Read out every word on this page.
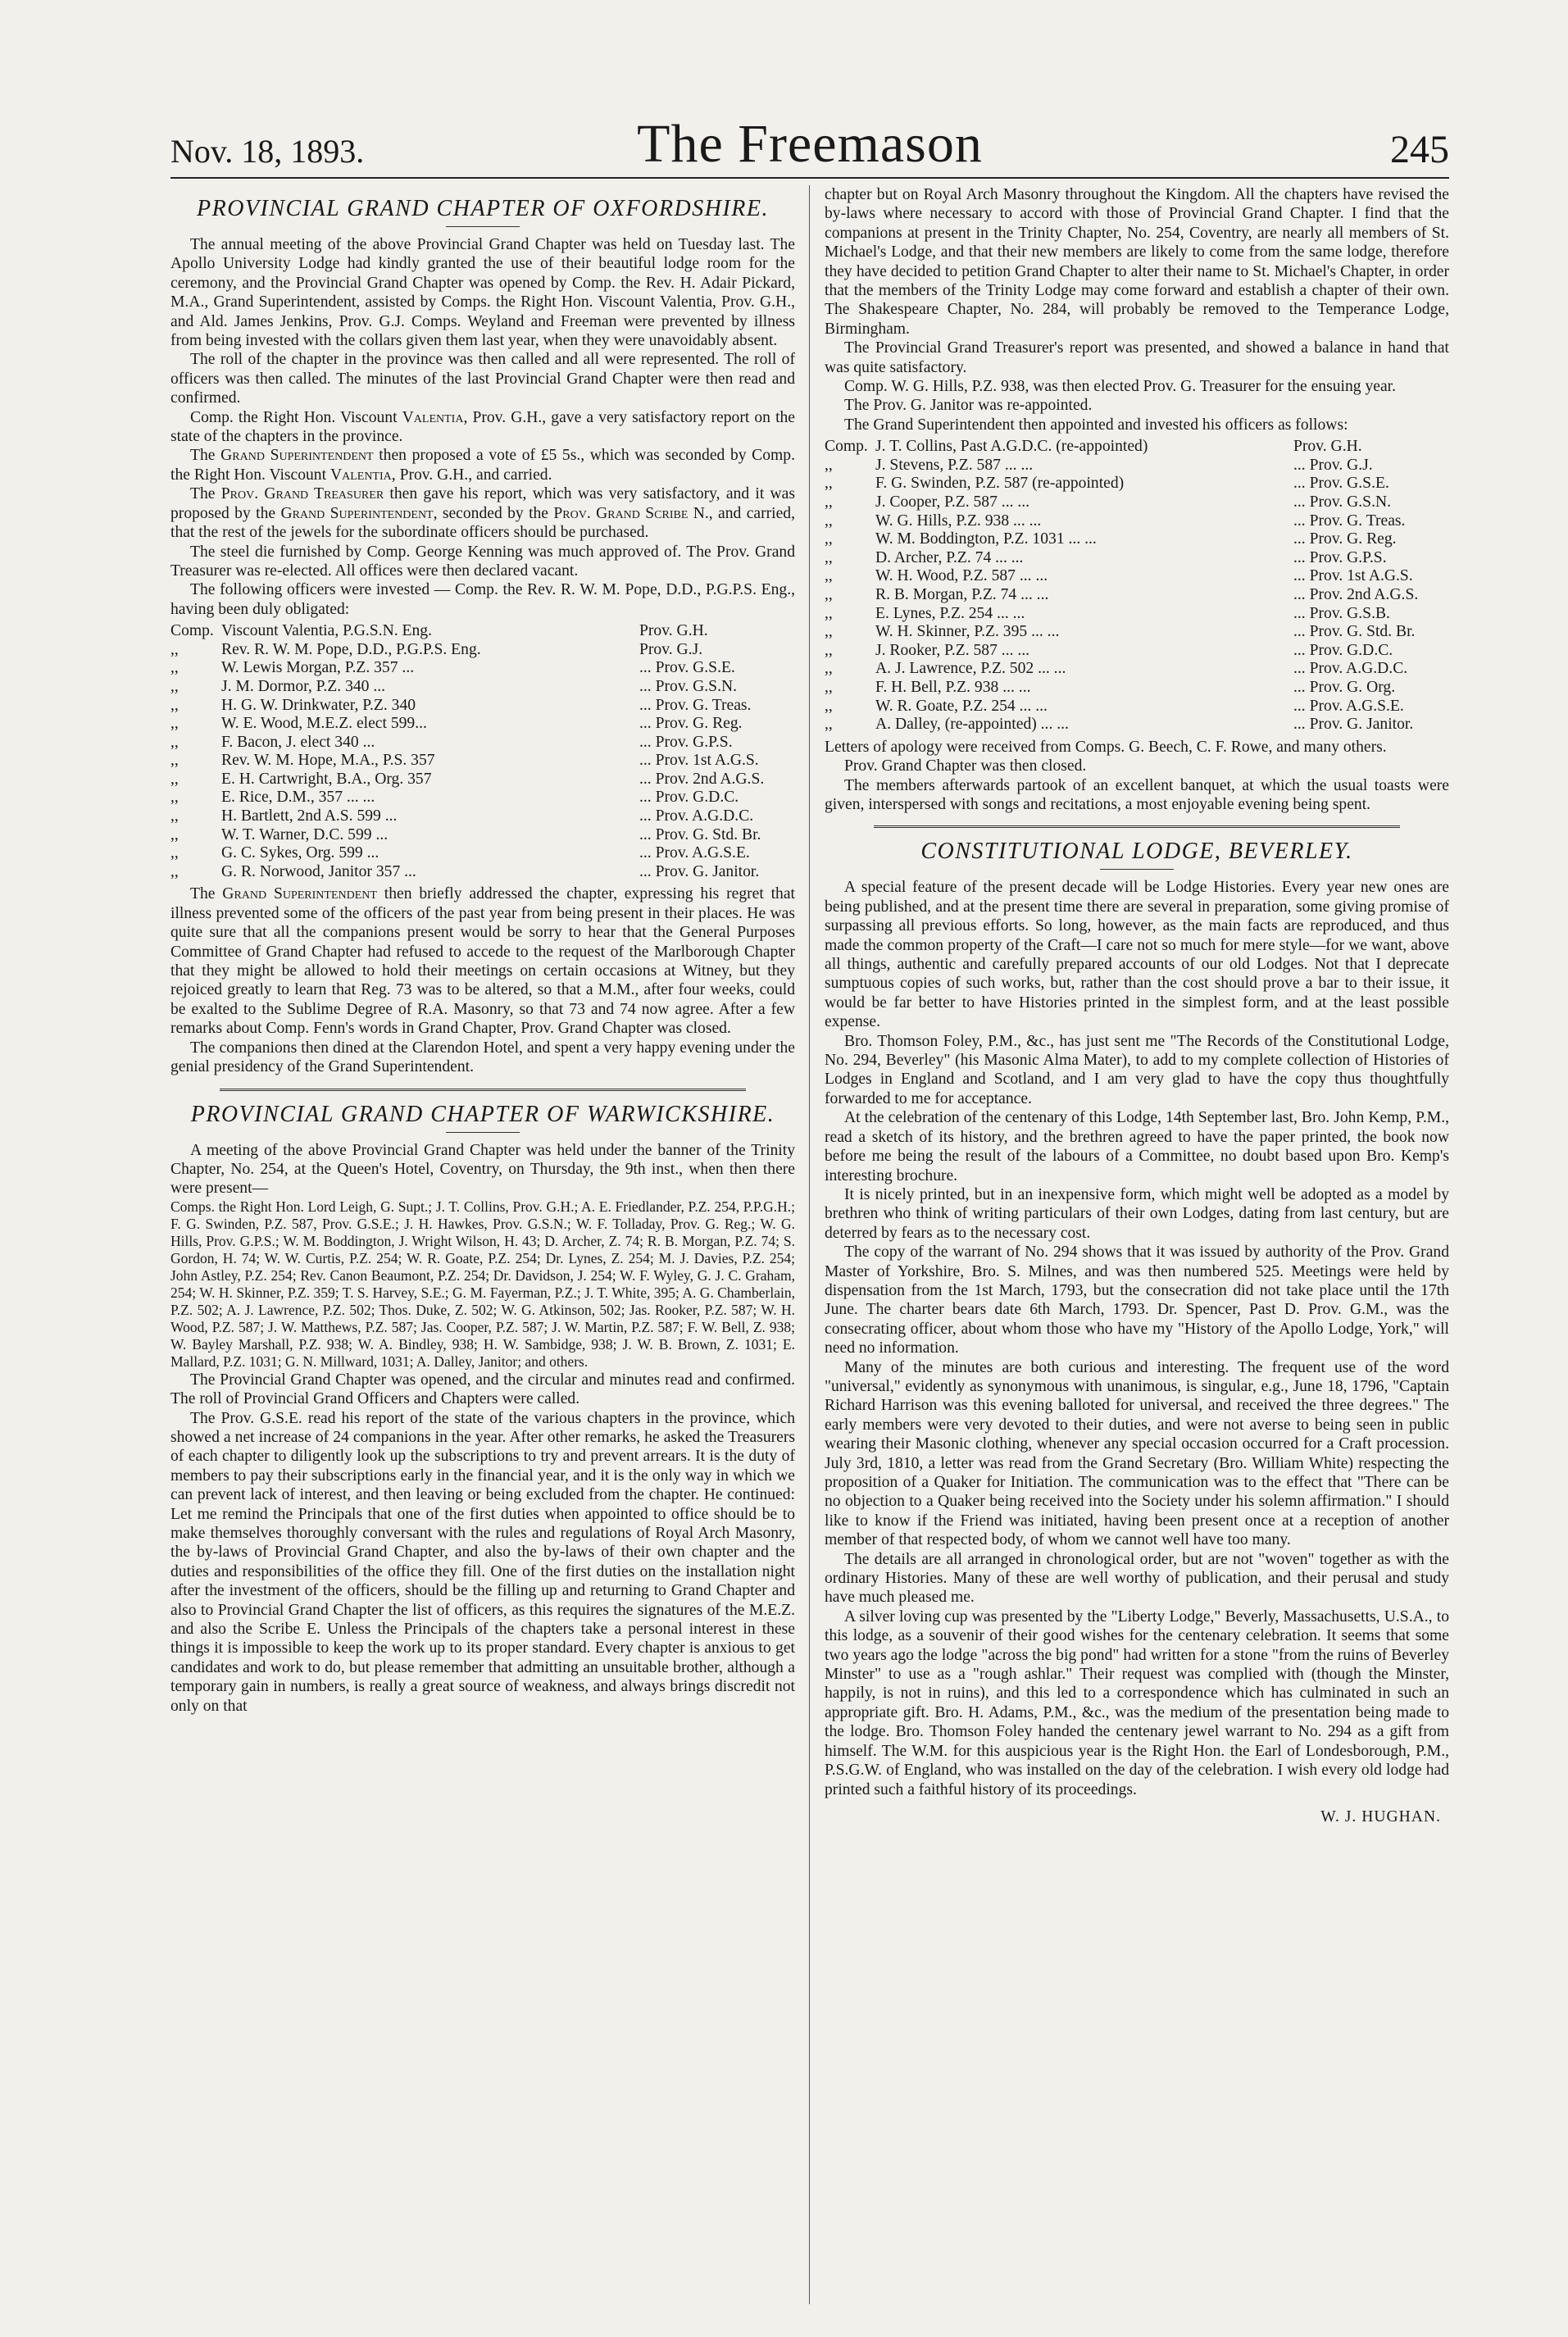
Nov. 18, 1893.	The Freemason	245
PROVINCIAL GRAND CHAPTER OF OXFORDSHIRE.

The annual meeting of the above Provincial Grand Chapter was held on Tuesday last. The Apollo University Lodge had kindly granted the use of their beautiful lodge room for the ceremony, and the Provincial Grand Chapter was opened by Comp. the Rev. H. Adair Pickard, M.A., Grand Superintendent, assisted by Comps. the Right Hon. Viscount Valentia, Prov. G.H., and Ald. James Jenkins, Prov. G.J. Comps. Weyland and Freeman were prevented by illness from being invested with the collars given them last year, when they were unavoidably absent.

The roll of the chapter in the province was then called and all were represented. The roll of officers was then called. The minutes of the last Provincial Grand Chapter were then read and confirmed.

Comp. the Right Hon. Viscount Valentia, Prov. G.H., gave a very satisfactory report on the state of the chapters in the province.

The Grand Superintendent then proposed a vote of £5 5s., which was seconded by Comp. the Right Hon. Viscount Valentia, Prov. G.H., and carried.

The Prov. Grand Treasurer then gave his report, which was very satisfactory, and it was proposed by the Grand Superintendent, seconded by the Prov. Grand Scribe N., and carried, that the rest of the jewels for the subordinate officers should be purchased.

The steel die furnished by Comp. George Kenning was much approved of. The Prov. Grand Treasurer was re-elected. All offices were then declared vacant.

The following officers were invested — Comp. the Rev. R. W. M. Pope, D.D., P.G.P.S. Eng., having been duly obligated:

Comp. Viscount Valentia, P.G.S.N. Eng.	Prov. G.H.
,,	Rev. R. W. M. Pope, D.D., P.G.P.S. Eng.	Prov. G.J.
,,	W. Lewis Morgan, P.Z. 357 ...	... Prov. G.S.E.
,,	J. M. Dormor, P.Z. 340 ...	... Prov. G.S.N.
,,	H. G. W. Drinkwater, P.Z. 340	... Prov. G. Treas.
,,	W. E. Wood, M.E.Z. elect 599...	... Prov. G. Reg.
,,	F. Bacon, J. elect 340 ...	... Prov. G.P.S.
,,	Rev. W. M. Hope, M.A., P.S. 357	... Prov. 1st A.G.S.
,,	E. H. Cartwright, B.A., Org. 357	... Prov. 2nd A.G.S.
,,	E. Rice, D.M., 357 ... ...	... Prov. G.D.C.
,,	H. Bartlett, 2nd A.S. 599 ...	... Prov. A.G.D.C.
,,	W. T. Warner, D.C. 599 ...	... Prov. G. Std. Br.
,,	G. C. Sykes, Org. 599 ...	... Prov. A.G.S.E.
,,	G. R. Norwood, Janitor 357 ...	... Prov. G. Janitor.

The Grand Superintendent then briefly addressed the chapter, expressing his regret that illness prevented some of the officers of the past year from being present in their places. He was quite sure that all the companions present would be sorry to hear that the General Purposes Committee of Grand Chapter had refused to accede to the request of the Marlborough Chapter that they might be allowed to hold their meetings on certain occasions at Witney, but they rejoiced greatly to learn that Reg. 73 was to be altered, so that a M.M., after four weeks, could be exalted to the Sublime Degree of R.A. Masonry, so that 73 and 74 now agree. After a few remarks about Comp. Fenn's words in Grand Chapter, Prov. Grand Chapter was closed.

The companions then dined at the Clarendon Hotel, and spent a very happy evening under the genial presidency of the Grand Superintendent.

PROVINCIAL GRAND CHAPTER OF WARWICKSHIRE.

A meeting of the above Provincial Grand Chapter was held under the banner of the Trinity Chapter, No. 254, at the Queen's Hotel, Coventry, on Thursday, the 9th inst., when then there were present—

Comps. the Right Hon. Lord Leigh, G. Supt.; J. T. Collins, Prov. G.H.; A. E. Friedlander, P.Z. 254, P.P.G.H.; F. G. Swinden, P.Z. 587, Prov. G.S.E.; J. H. Hawkes, Prov. G.S.N.; W. F. Tolladay, Prov. G. Reg.; W. G. Hills, Prov. G.P.S.; W. M. Boddington, J. Wright Wilson, H. 43; D. Archer, Z. 74; R. B. Morgan, P.Z. 74; S. Gordon, H. 74; W. W. Curtis, P.Z. 254; W. R. Goate, P.Z. 254; Dr. Lynes, Z. 254; M. J. Davies, P.Z. 254; John Astley, P.Z. 254; Rev. Canon Beaumont, P.Z. 254; Dr. Davidson, J. 254; W. F. Wyley, G. J. C. Graham, 254; W. H. Skinner, P.Z. 359; T. S. Harvey, S.E.; G. M. Fayerman, P.Z.; J. T. White, 395; A. G. Chamberlain, P.Z. 502; A. J. Lawrence, P.Z. 502; Thos. Duke, Z. 502; W. G. Atkinson, 502; Jas. Rooker, P.Z. 587; W. H. Wood, P.Z. 587; J. W. Matthews, P.Z. 587; Jas. Cooper, P.Z. 587; J. W. Martin, P.Z. 587; F. W. Bell, Z. 938; W. Bayley Marshall, P.Z. 938; W. A. Bindley, 938; H. W. Sambidge, 938; J. W. B. Brown, Z. 1031; E. Mallard, P.Z. 1031; G. N. Millward, 1031; A. Dalley, Janitor; and others.

The Provincial Grand Chapter was opened, and the circular and minutes read and confirmed. The roll of Provincial Grand Officers and Chapters were called.

The Prov. G.S.E. read his report of the state of the various chapters in the province, which showed a net increase of 24 companions in the year. After other remarks, he asked the Treasurers of each chapter to diligently look up the subscriptions to try and prevent arrears. It is the duty of members to pay their subscriptions early in the financial year, and it is the only way in which we can prevent lack of interest, and then leaving or being excluded from the chapter. He continued: Let me remind the Principals that one of the first duties when appointed to office should be to make themselves thoroughly conversant with the rules and regulations of Royal Arch Masonry, the by-laws of Provincial Grand Chapter, and also the by-laws of their own chapter and the duties and responsibilities of the office they fill. One of the first duties on the installation night after the investment of the officers, should be the filling up and returning to Grand Chapter and also to Provincial Grand Chapter the list of officers, as this requires the signatures of the M.E.Z. and also the Scribe E. Unless the Principals of the chapters take a personal interest in these things it is impossible to keep the work up to its proper standard. Every chapter is anxious to get candidates and work to do, but please remember that admitting an unsuitable brother, although a temporary gain in numbers, is really a great source of weakness, and always brings discredit not only on that

chapter but on Royal Arch Masonry throughout the Kingdom. All the chapters have revised the by-laws where necessary to accord with those of Provincial Grand Chapter. I find that the companions at present in the Trinity Chapter, No. 254, Coventry, are nearly all members of St. Michael's Lodge, and that their new members are likely to come from the same lodge, therefore they have decided to petition Grand Chapter to alter their name to St. Michael's Chapter, in order that the members of the Trinity Lodge may come forward and establish a chapter of their own. The Shakespeare Chapter, No. 284, will probably be removed to the Temperance Lodge, Birmingham.

The Provincial Grand Treasurer's report was presented, and showed a balance in hand that was quite satisfactory.

Comp. W. G. Hills, P.Z. 938, was then elected Prov. G. Treasurer for the ensuing year.

The Prov. G. Janitor was re-appointed.

The Grand Superintendent then appointed and invested his officers as follows:

Comp. J. T. Collins, Past A.G.D.C. (re-appointed)	Prov. G.H.
,,	J. Stevens, P.Z. 587 ... ...	... Prov. G.J.
,,	F. G. Swinden, P.Z. 587 (re-appointed)	... Prov. G.S.E.
,,	J. Cooper, P.Z. 587 ... ...	... Prov. G.S.N.
,,	W. G. Hills, P.Z. 938 ... ...	... Prov. G. Treas.
,,	W. M. Boddington, P.Z. 1031 ... ...	... Prov. G. Reg.
,,	D. Archer, P.Z. 74 ... ...	... Prov. G.P.S.
,,	W. H. Wood, P.Z. 587 ... ...	... Prov. 1st A.G.S.
,,	R. B. Morgan, P.Z. 74 ... ...	... Prov. 2nd A.G.S.
,,	E. Lynes, P.Z. 254 ... ...	... Prov. G.S.B.
,,	W. H. Skinner, P.Z. 395 ... ...	... Prov. G. Std. Br.
,,	J. Rooker, P.Z. 587 ... ...	... Prov. G.D.C.
,,	A. J. Lawrence, P.Z. 502 ... ...	... Prov. A.G.D.C.
,,	F. H. Bell, P.Z. 938 ... ...	... Prov. G. Org.
,,	W. R. Goate, P.Z. 254 ... ...	... Prov. A.G.S.E.
,,	A. Dalley, (re-appointed) ... ...	... Prov. G. Janitor.

Letters of apology were received from Comps. G. Beech, C. F. Rowe, and many others.

Prov. Grand Chapter was then closed.

The members afterwards partook of an excellent banquet, at which the usual toasts were given, interspersed with songs and recitations, a most enjoyable evening being spent.

CONSTITUTIONAL LODGE, BEVERLEY.

A special feature of the present decade will be Lodge Histories. Every year new ones are being published, and at the present time there are several in preparation, some giving promise of surpassing all previous efforts. So long, however, as the main facts are reproduced, and thus made the common property of the Craft—I care not so much for mere style—for we want, above all things, authentic and carefully prepared accounts of our old Lodges. Not that I deprecate sumptuous copies of such works, but, rather than the cost should prove a bar to their issue, it would be far better to have Histories printed in the simplest form, and at the least possible expense.

Bro. Thomson Foley, P.M., &c., has just sent me "The Records of the Constitutional Lodge, No. 294, Beverley" (his Masonic Alma Mater), to add to my complete collection of Histories of Lodges in England and Scotland, and I am very glad to have the copy thus thoughtfully forwarded to me for acceptance.

At the celebration of the centenary of this Lodge, 14th September last, Bro. John Kemp, P.M., read a sketch of its history, and the brethren agreed to have the paper printed, the book now before me being the result of the labours of a Committee, no doubt based upon Bro. Kemp's interesting brochure.

It is nicely printed, but in an inexpensive form, which might well be adopted as a model by brethren who think of writing particulars of their own Lodges, dating from last century, but are deterred by fears as to the necessary cost.

The copy of the warrant of No. 294 shows that it was issued by authority of the Prov. Grand Master of Yorkshire, Bro. S. Milnes, and was then numbered 525. Meetings were held by dispensation from the 1st March, 1793, but the consecration did not take place until the 17th June. The charter bears date 6th March, 1793. Dr. Spencer, Past D. Prov. G.M., was the consecrating officer, about whom those who have my "History of the Apollo Lodge, York," will need no information.

Many of the minutes are both curious and interesting. The frequent use of the word "universal," evidently as synonymous with unanimous, is singular, e.g., June 18, 1796, "Captain Richard Harrison was this evening balloted for universal, and received the three degrees." The early members were very devoted to their duties, and were not averse to being seen in public wearing their Masonic clothing, whenever any special occasion occurred for a Craft procession. July 3rd, 1810, a letter was read from the Grand Secretary (Bro. William White) respecting the proposition of a Quaker for Initiation. The communication was to the effect that "There can be no objection to a Quaker being received into the Society under his solemn affirmation." I should like to know if the Friend was initiated, having been present once at a reception of another member of that respected body, of whom we cannot well have too many.

The details are all arranged in chronological order, but are not "woven" together as with the ordinary Histories. Many of these are well worthy of publication, and their perusal and study have much pleased me.

A silver loving cup was presented by the "Liberty Lodge," Beverly, Massachusetts, U.S.A., to this lodge, as a souvenir of their good wishes for the centenary celebration. It seems that some two years ago the lodge "across the big pond" had written for a stone "from the ruins of Beverley Minster" to use as a "rough ashlar." Their request was complied with (though the Minster, happily, is not in ruins), and this led to a correspondence which has culminated in such an appropriate gift. Bro. H. Adams, P.M., &c., was the medium of the presentation being made to the lodge. Bro. Thomson Foley handed the centenary jewel warrant to No. 294 as a gift from himself. The W.M. for this auspicious year is the Right Hon. the Earl of Londesborough, P.M., P.S.G.W. of England, who was installed on the day of the celebration. I wish every old lodge had printed such a faithful history of its proceedings.

W. J. HUGHAN.
